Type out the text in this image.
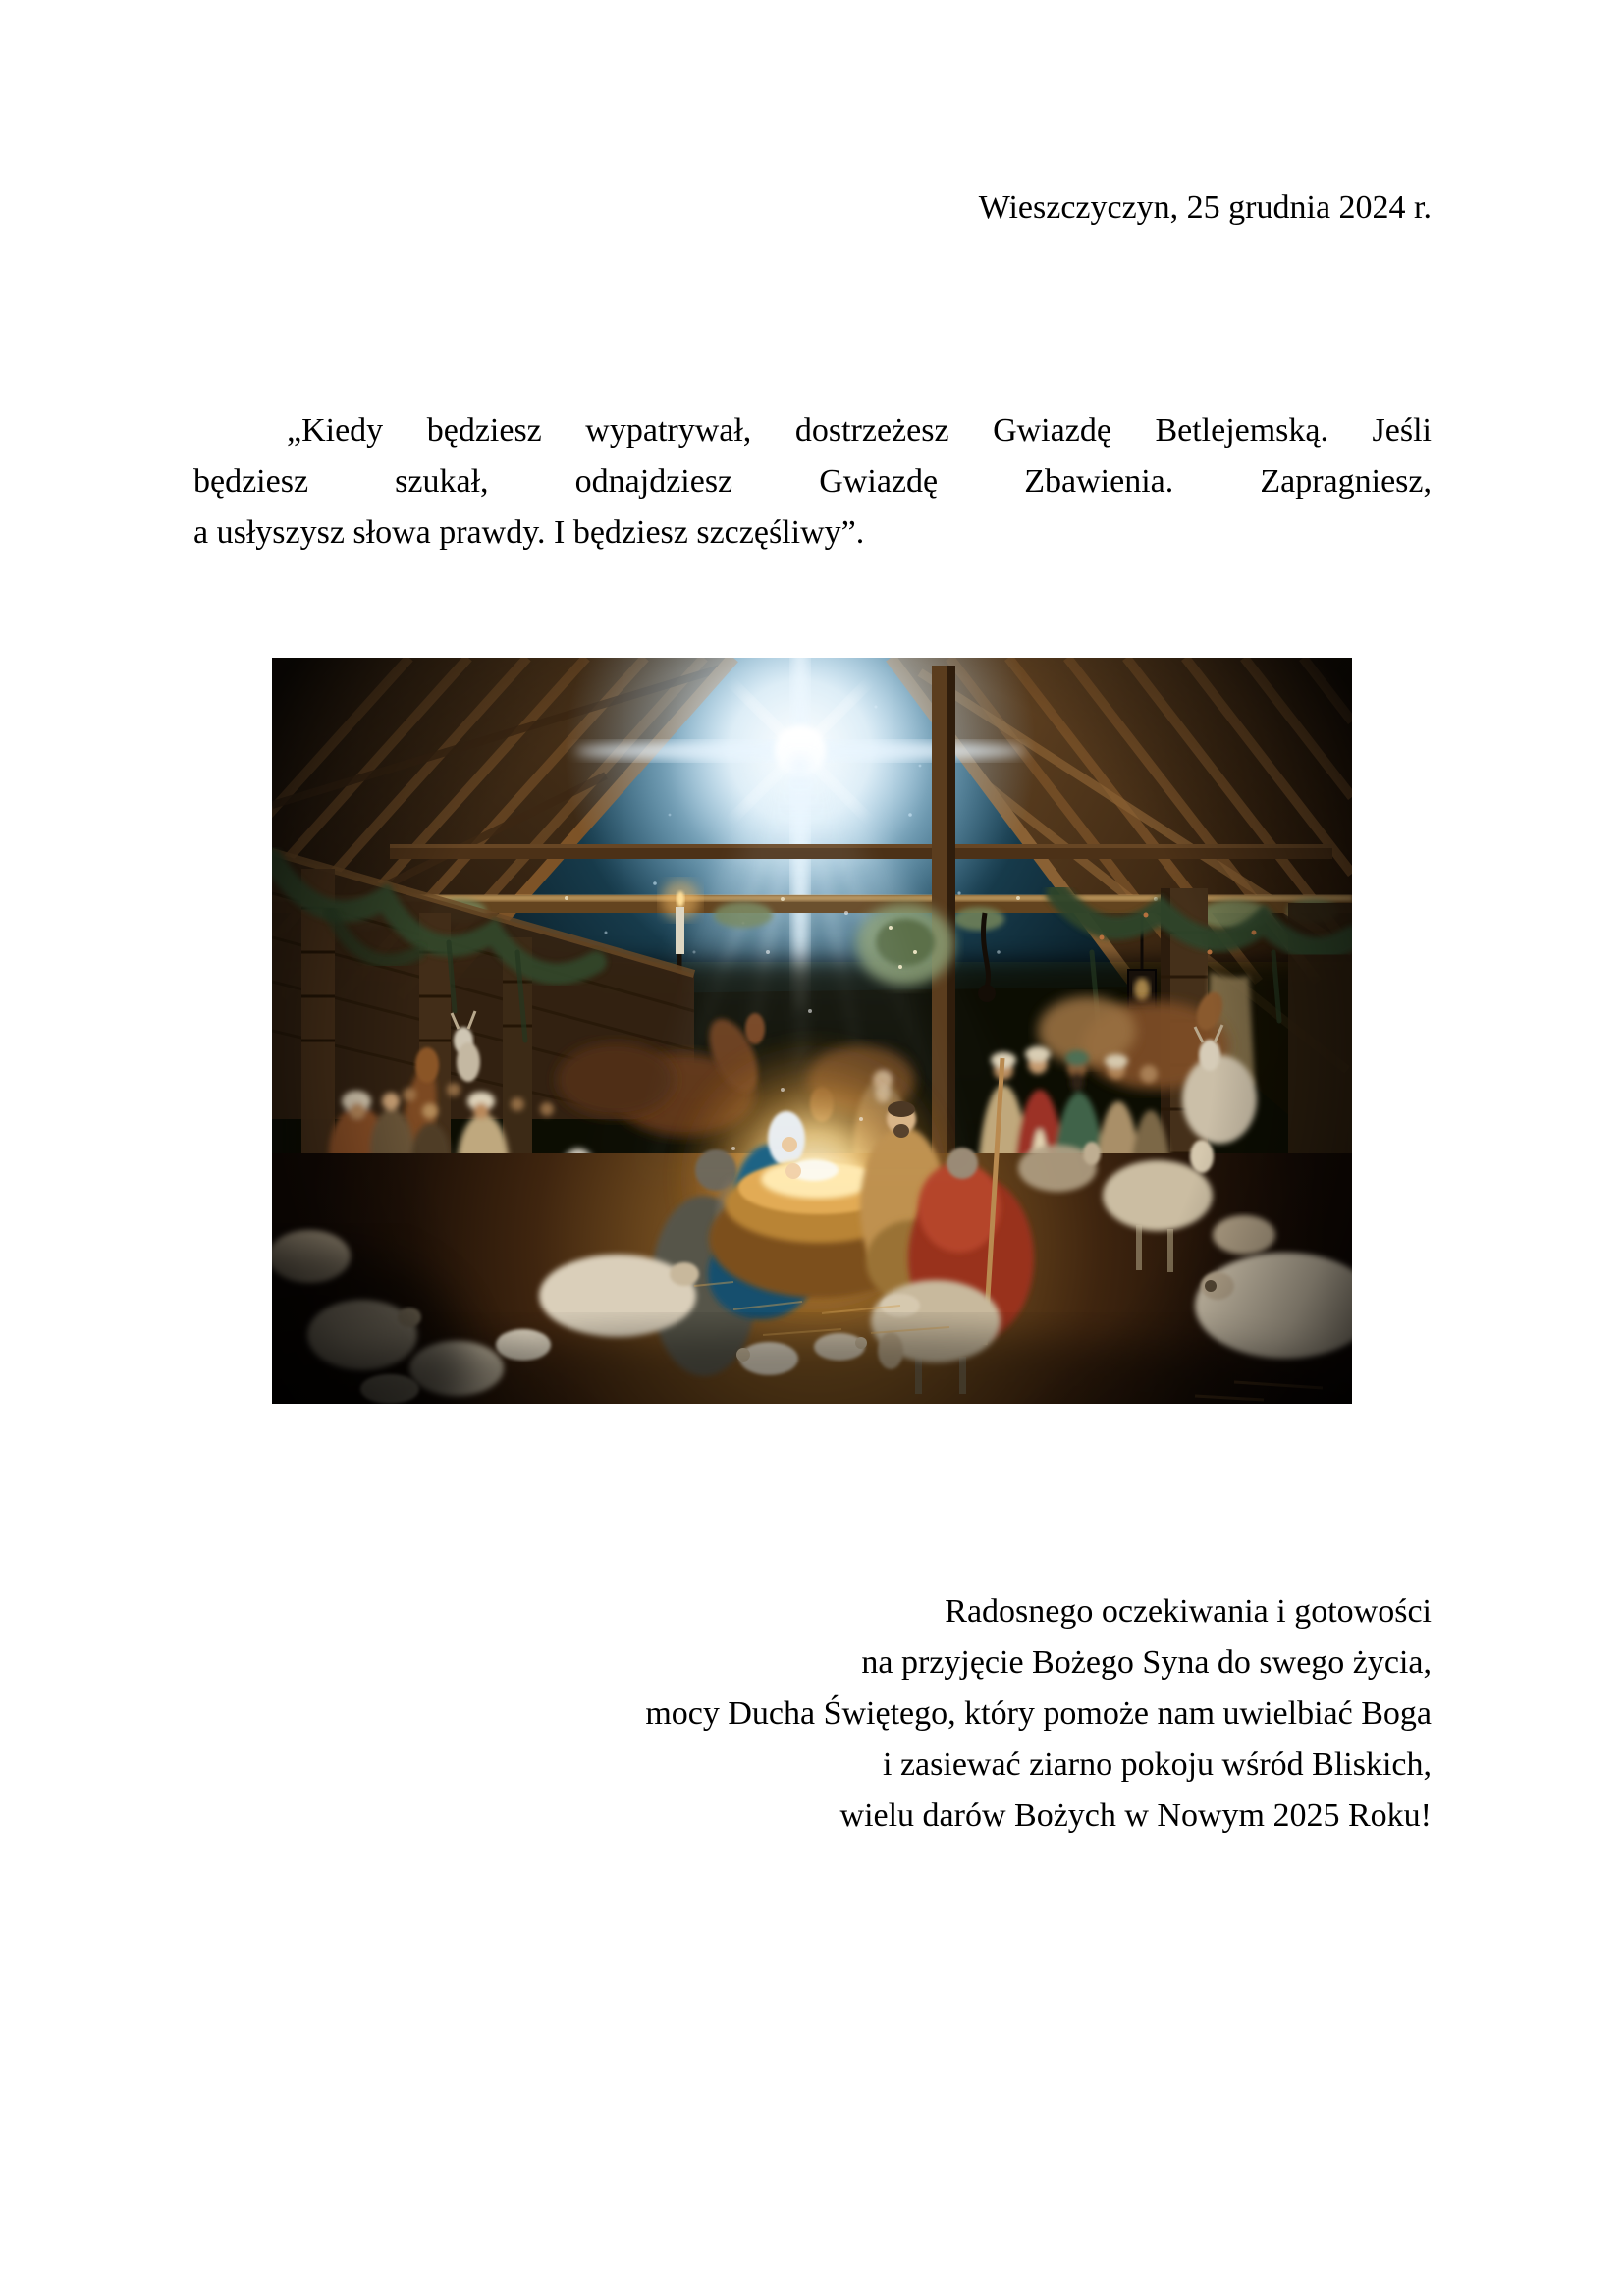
Wieszczyczyn, 25 grudnia 2024 r.
„Kiedy będziesz wypatrywał, dostrzeżesz Gwiazdę Betlejemską. Jeśli
będziesz szukał, odnajdziesz Gwiazdę Zbawienia. Zapragniesz,
a usłyszysz słowa prawdy. I będziesz szczęśliwy”.
Radosnego oczekiwania i gotowości
na przyjęcie Bożego Syna do swego życia,
mocy Ducha Świętego, który pomoże nam uwielbiać Boga
i zasiewać ziarno pokoju wśród Bliskich,
wielu darów Bożych w Nowym 2025 Roku!
